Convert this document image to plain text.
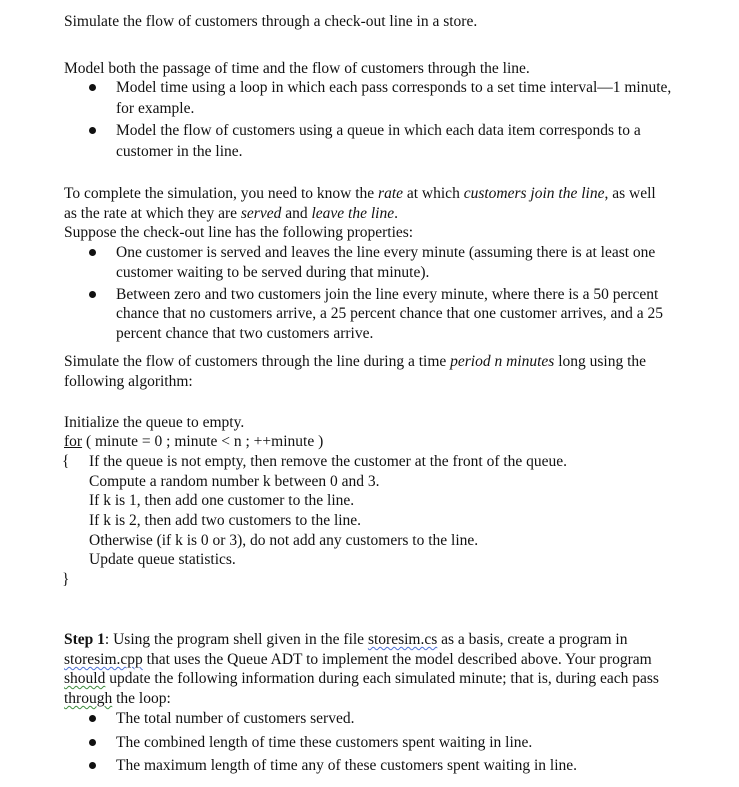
Simulate the flow of customers through a check-out line in a store.
Model both the passage of time and the flow of customers through the line.
Model time using a loop in which each pass corresponds to a set time interval—1 minute,
for example.
Model the flow of customers using a queue in which each data item corresponds to a
customer in the line.
To complete the simulation, you need to know the rate at which customers join the line, as well
as the rate at which they are served and leave the line.
Suppose the check-out line has the following properties:
One customer is served and leaves the line every minute (assuming there is at least one
customer waiting to be served during that minute).
Between zero and two customers join the line every minute, where there is a 50 percent
chance that no customers arrive, a 25 percent chance that one customer arrives, and a 25
percent chance that two customers arrive.
Simulate the flow of customers through the line during a time period n minutes long using the
following algorithm:
Initialize the queue to empty.
for ( minute = 0 ; minute < n ; ++minute )
{ If the queue is not empty, then remove the customer at the front of the queue.
Compute a random number k between 0 and 3.
If k is 1, then add one customer to the line.
If k is 2, then add two customers to the line.
Otherwise (if k is 0 or 3), do not add any customers to the line.
Update queue statistics.
}
Step 1: Using the program shell given in the file storesim.cs as a basis, create a program in
storesim.cpp that uses the Queue ADT to implement the model described above. Your program
should update the following information during each simulated minute; that is, during each pass
through the loop:
The total number of customers served.
The combined length of time these customers spent waiting in line.
The maximum length of time any of these customers spent waiting in line.
